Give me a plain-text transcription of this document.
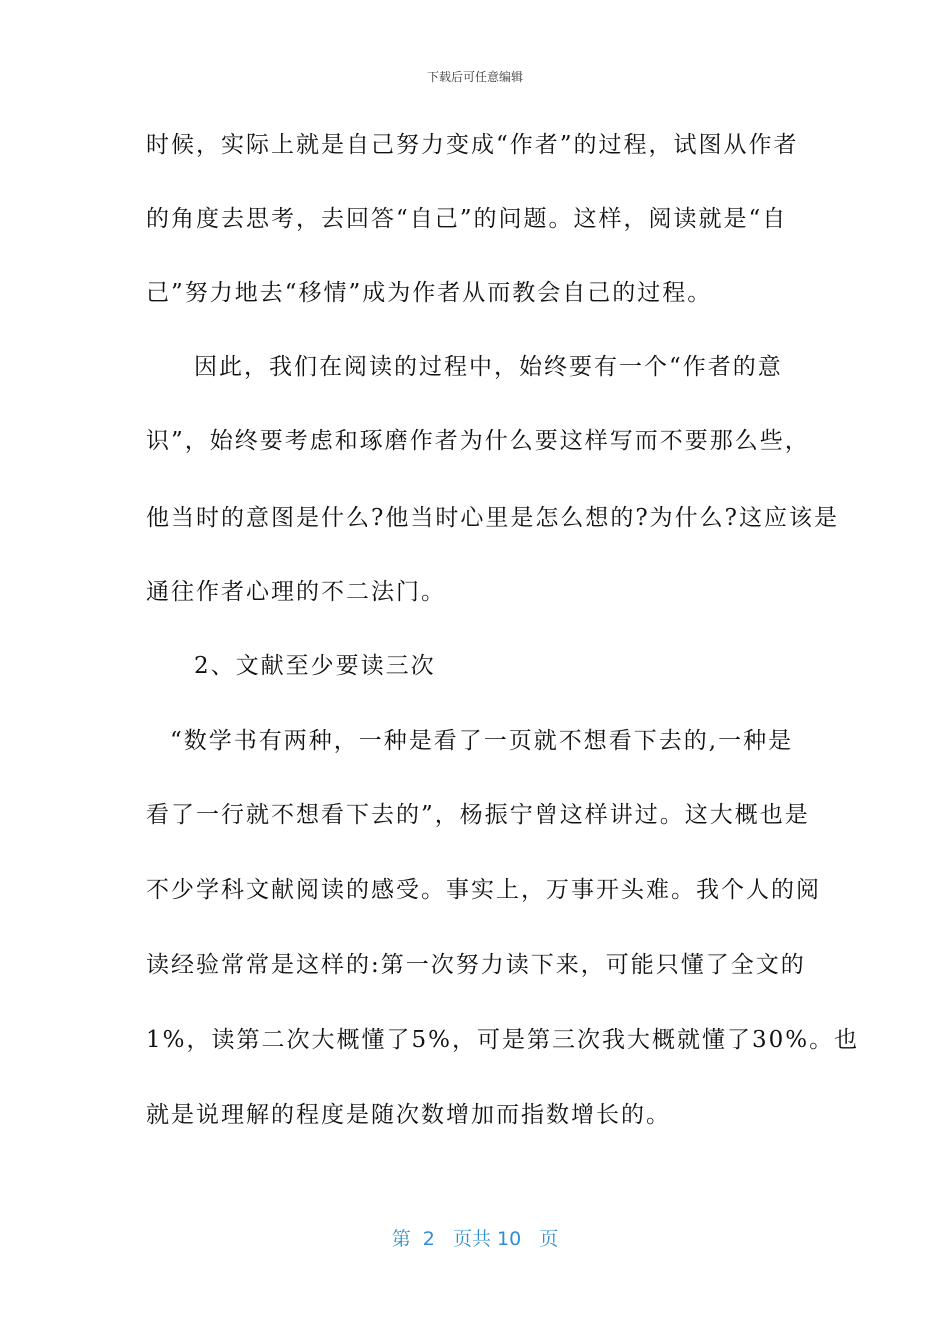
下载后可任意编辑
时候，实际上就是自己努力变成“作者”的过程，试图从作者
的角度去思考，去回答“自己”的问题。这样，阅读就是“自
己”努力地去“移情”成为作者从而教会自己的过程。
因此，我们在阅读的过程中，始终要有一个“作者的意
识”，始终要考虑和琢磨作者为什么要这样写而不要那么些，
他当时的意图是什么?他当时心里是怎么想的?为什么?这应该是
通往作者心理的不二法门。
2、文献至少要读三次
“数学书有两种，一种是看了一页就不想看下去的,一种是
看了一行就不想看下去的”，杨振宁曾这样讲过。这大概也是
不少学科文献阅读的感受。事实上，万事开头难。我个人的阅
读经验常常是这样的:第一次努力读下来，可能只懂了全文的
1%，读第二次大概懂了5%，可是第三次我大概就懂了30%。也
就是说理解的程度是随次数增加而指数增长的。
第  2   页共 10   页
